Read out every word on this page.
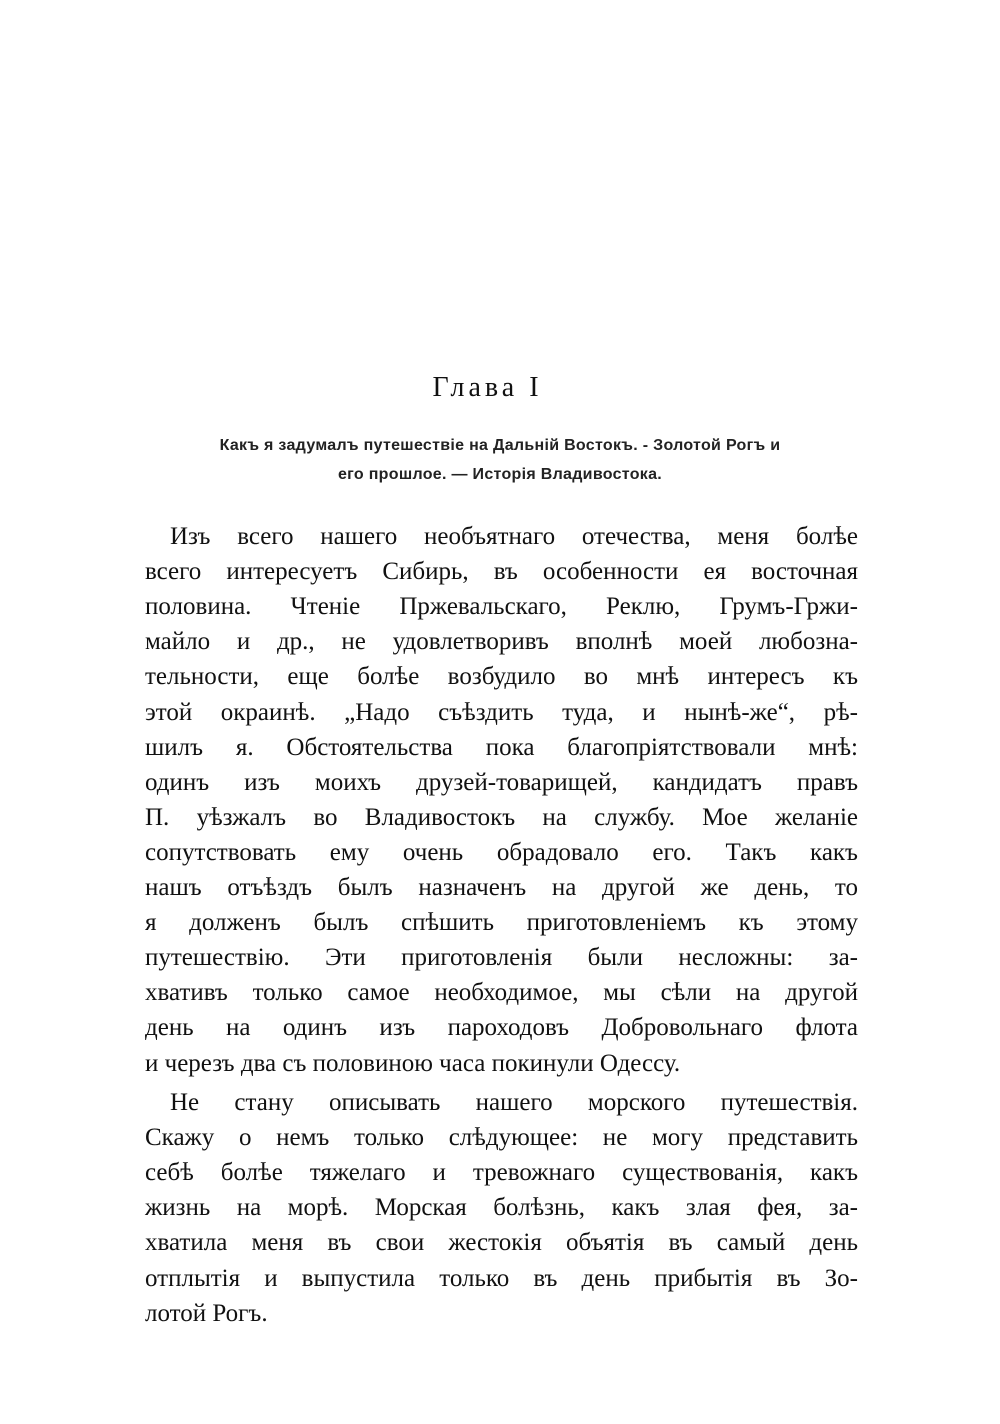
Глава I
Какъ я задумалъ путешествіе на Дальній Востокъ. - Золотой Рогъ и
его прошлое. — Исторія Владивостока.
Изъ всего нашего необъятнаго отечества, меня болѣе
всего интересуетъ Сибирь, въ особенности ея восточная
половина. Чтеніе Пржевальскаго, Реклю, Грумъ-Гржи-
майло и др., не удовлетворивъ вполнѣ моей любозна-
тельности, еще болѣе возбудило во мнѣ интересъ къ
этой окраинѣ. „Надо съѣздить туда, и нынѣ-же“, рѣ-
шилъ я. Обстоятельства пока благопріятствовали мнѣ:
одинъ изъ моихъ друзей-товарищей, кандидатъ правъ
П. уѣзжалъ во Владивостокъ на службу. Мое желаніе
сопутствовать ему очень обрадовало его. Такъ какъ
нашъ отъѣздъ былъ назначенъ на другой же день, то
я долженъ былъ спѣшить приготовленіемъ къ этому
путешествію. Эти приготовленія были несложны: за-
хвативъ только самое необходимое, мы сѣли на другой
день на одинъ изъ пароходовъ Добровольнаго флота
и черезъ два съ половиною часа покинули Одессу.
Не стану описывать нашего морского путешествія.
Скажу о немъ только слѣдующее: не могу представить
себѣ болѣе тяжелаго и тревожнаго существованія, какъ
жизнь на морѣ. Морская болѣзнь, какъ злая фея, за-
хватила меня въ свои жестокія объятія въ самый день
отплытія и выпустила только въ день прибытія въ Зо-
лотой Рогъ.
